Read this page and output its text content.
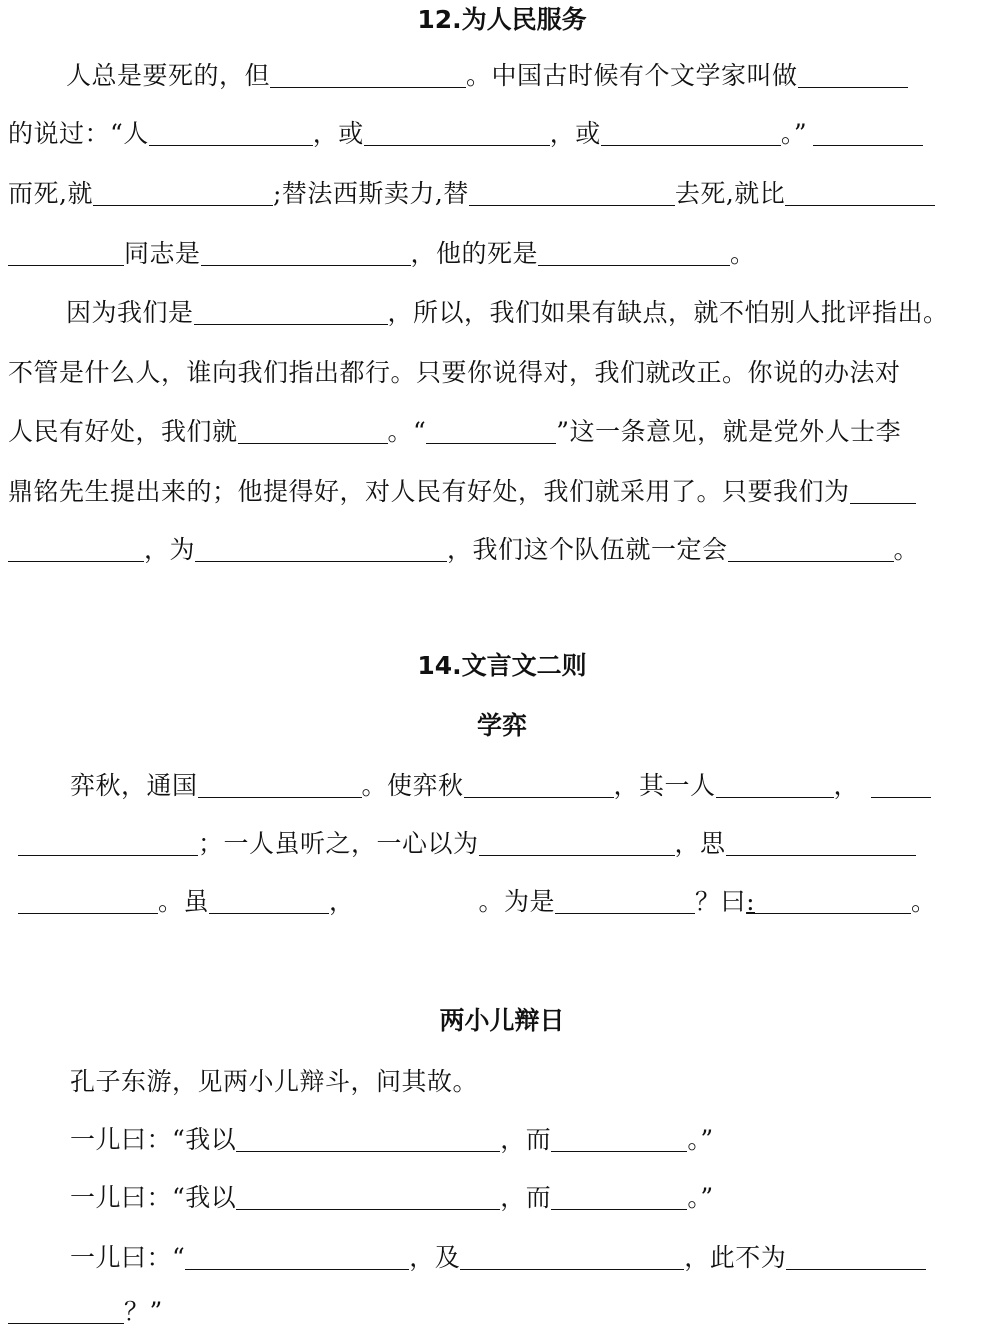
12.为人民服务
人总是要死的，但	。中国古时候有个文学家叫做
的说过：“人	，或	，或	。”
而死,就	;替法西斯卖力,替	去死,就比
同志是	，他的死是	。
因为我们是	，所以，我们如果有缺点，就不怕别人批评指出。
不管是什么人，谁向我们指出都行。只要你说得对，我们就改正。你说的办法对
人民有好处，我们就	。“	”这一条意见，就是党外人士李
鼎铭先生提出来的；他提得好，对人民有好处，我们就采用了。只要我们为
，为	，我们这个队伍就一定会	。
14.文言文二则
学弈
弈秋，通国	。使弈秋	，其一人	，
；一人虽听之，一心以为	，思
。虽	，	。为是	？曰:	。
两小儿辩日
孔子东游，见两小儿辩斗，问其故。
一儿曰：“我以	，而	。”
一儿曰：“我以	，而	。”
一儿曰：“	，及	，此不为
？”
